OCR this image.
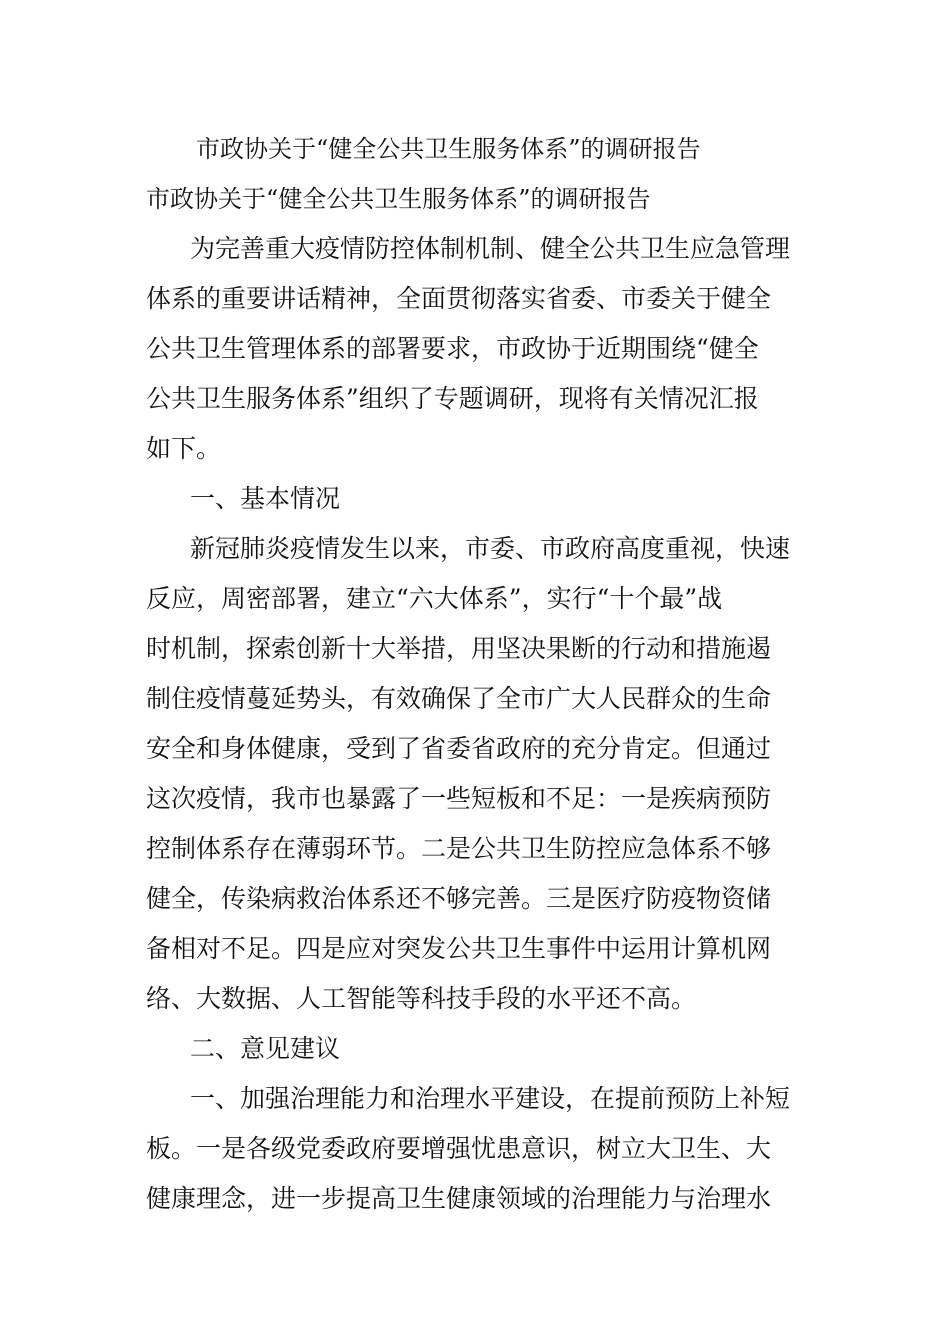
市政协关于“健全公共卫生服务体系”的调研报告
市政协关于“健全公共卫生服务体系”的调研报告
为完善重大疫情防控体制机制、健全公共卫生应急管理
体系的重要讲话精神，全面贯彻落实省委、市委关于健全
公共卫生管理体系的部署要求，市政协于近期围绕“健全
公共卫生服务体系”组织了专题调研，现将有关情况汇报
如下。
一、基本情况
新冠肺炎疫情发生以来，市委、市政府高度重视，快速
反应，周密部署，建立“六大体系”，实行“十个最”战
时机制，探索创新十大举措，用坚决果断的行动和措施遏
制住疫情蔓延势头，有效确保了全市广大人民群众的生命
安全和身体健康，受到了省委省政府的充分肯定。但通过
这次疫情，我市也暴露了一些短板和不足：一是疾病预防
控制体系存在薄弱环节。二是公共卫生防控应急体系不够
健全，传染病救治体系还不够完善。三是医疗防疫物资储
备相对不足。四是应对突发公共卫生事件中运用计算机网
络、大数据、人工智能等科技手段的水平还不高。
二、意见建议
一、加强治理能力和治理水平建设，在提前预防上补短
板。一是各级党委政府要增强忧患意识，树立大卫生、大
健康理念，进一步提高卫生健康领域的治理能力与治理水
